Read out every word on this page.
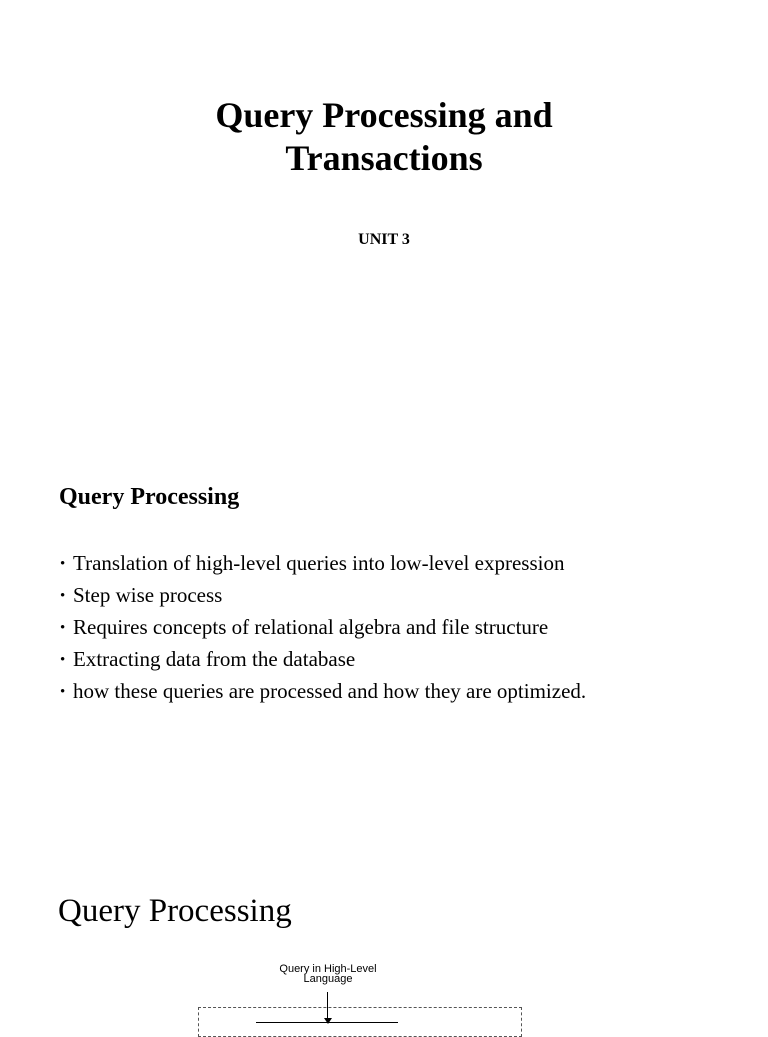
Query Processing and
Transactions

UNIT 3

Query Processing
• Translation of high-level queries into low-level expression
• Step wise process
• Requires concepts of relational algebra and file structure
• Extracting data from the database
• how these queries are processed and how they are optimized.
Query Processing
Query in High-Level
Language
